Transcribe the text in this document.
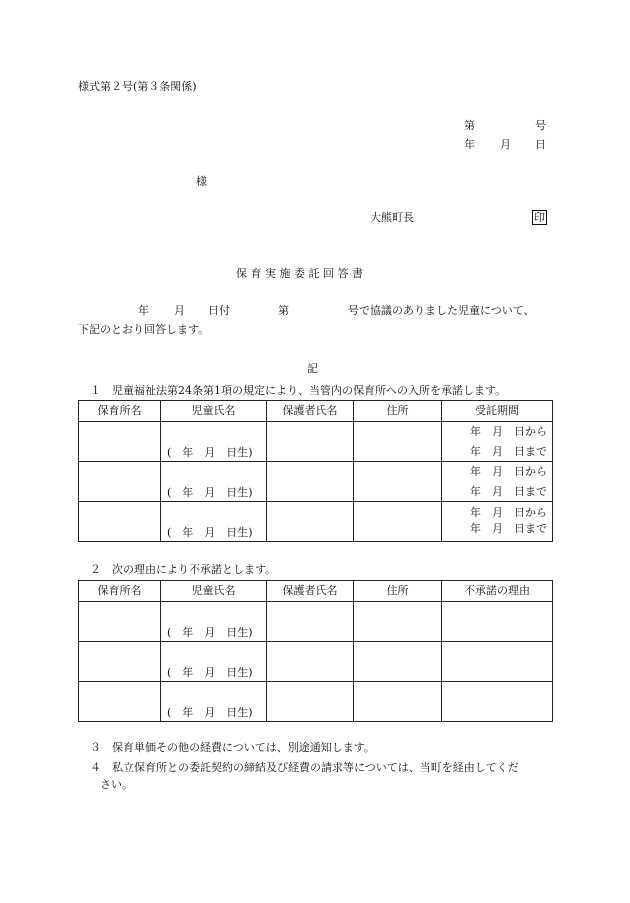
様式第２号(第３条関係)
第	号
年 月 日
様
大熊町長	印
保 育 実 施 委 託 回 答 書
年 月 日付	第	号で協議のありました児童について、
下記のとおり回答します。
記
１　児童福祉法第24条第1項の規定により、当管内の保育所への入所を承諾します。
保育所名	児童氏名	保護者氏名	住所	受託期間

	(　年　月　日生)			年　月　日から
年　月　日まで

	(　年　月　日生)			年　月　日から
年　月　日まで

	(　年　月　日生)			年　月　日から
年　月　日まで
２　次の理由により不承諾とします。
保育所名	児童氏名	保護者氏名	住所	不承諾の理由

	(　年　月　日生)			

	(　年　月　日生)			

	(　年　月　日生)			

３　保育単価その他の経費については、別途通知します。
４　私立保育所との委託契約の締結及び経費の請求等については、当町を経由してくだ
さい。
